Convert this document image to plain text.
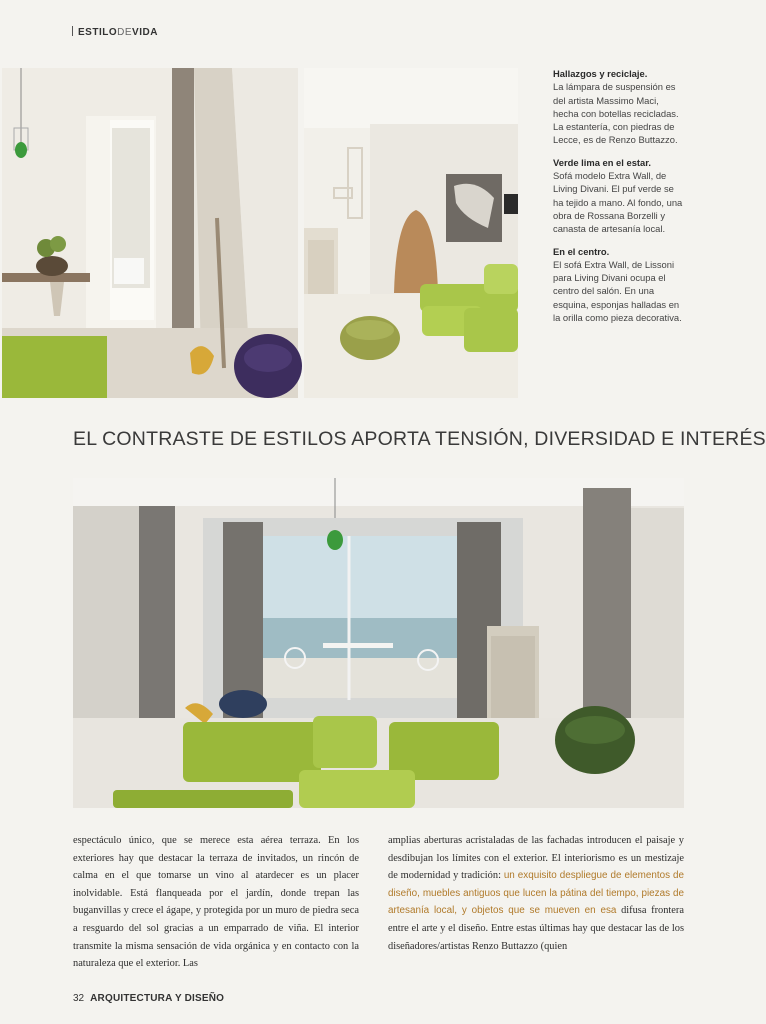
ESTILODEVIDA
Hallazgos y reciclaje.
La lámpara de suspensión es del artista Massimo Maci, hecha con botellas recicladas. La estantería, con piedras de Lecce, es de Renzo Buttazzo.
Verde lima en el estar.
Sofá modelo Extra Wall, de Living Divani. El puf verde se ha tejido a mano. Al fondo, una obra de Rossana Borzelli y canasta de artesanía local.
En el centro.
El sofá Extra Wall, de Lissoni para Living Divani ocupa el centro del salón. En una esquina, esponjas halladas en la orilla como pieza decorativa.
EL CONTRASTE DE ESTILOS APORTA TENSIÓN, DIVERSIDAD E INTERÉS
espectáculo único, que se merece esta aérea terraza. En los exteriores hay que destacar la terraza de invitados, un rincón de calma en el que tomarse un vino al atardecer es un placer inolvidable. Está flanqueada por el jardín, donde trepan las buganvillas y crece el ágape, y protegida por un muro de piedra seca a resguardo del sol gracias a un emparrado de viña. El interior transmite la misma sensación de vida orgánica y en contacto con la naturaleza que el exterior. Las
amplias aberturas acristaladas de las fachadas introducen el paisaje y desdibujan los límites con el exterior. El interiorismo es un mestizaje de modernidad y tradición: un exquisito despliegue de elementos de diseño, muebles antiguos que lucen la pátina del tiempo, piezas de artesanía local, y objetos que se mueven en esa difusa frontera entre el arte y el diseño. Entre estas últimas hay que destacar las de los diseñadores/artistas Renzo Buttazzo (quien
32 ARQUITECTURA Y DISEÑO
